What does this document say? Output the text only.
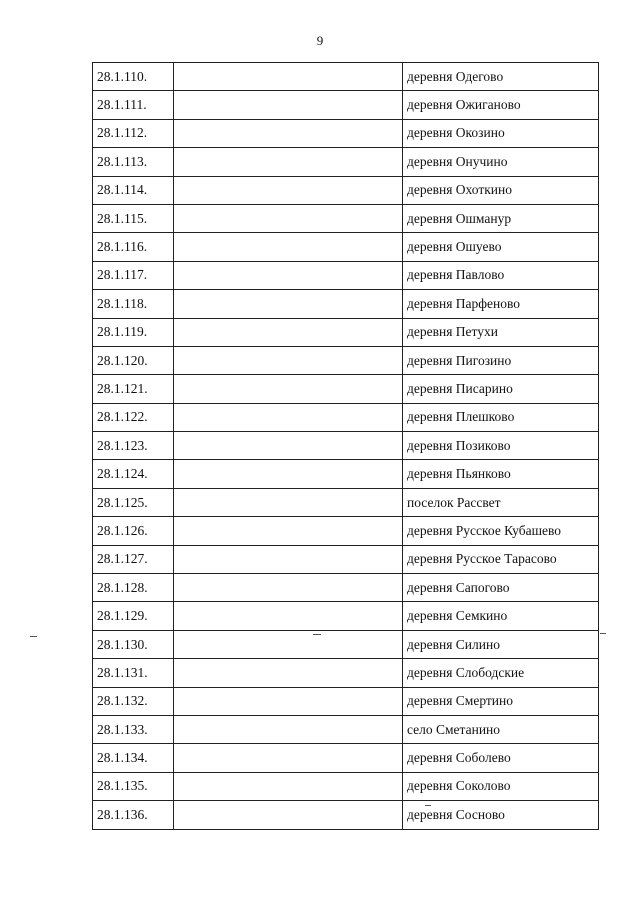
9
28.1.110.		деревня Одегово
28.1.111.		деревня Ожиганово
28.1.112.		деревня Окозино
28.1.113.		деревня Онучино
28.1.114.		деревня Охоткино
28.1.115.		деревня Ошманур
28.1.116.		деревня Ошуево
28.1.117.		деревня Павлово
28.1.118.		деревня Парфеново
28.1.119.		деревня Петухи
28.1.120.		деревня Пигозино
28.1.121.		деревня Писарино
28.1.122.		деревня Плешково
28.1.123.		деревня Позиково
28.1.124.		деревня Пьянково
28.1.125.		поселок Рассвет
28.1.126.		деревня Русское Кубашево
28.1.127.		деревня Русское Тарасово
28.1.128.		деревня Сапогово
28.1.129.		деревня Семкино
28.1.130.		деревня Силино
28.1.131.		деревня Слободские
28.1.132.		деревня Смертино
28.1.133.		село Сметанино
28.1.134.		деревня Соболево
28.1.135.		деревня Соколово
28.1.136.		деревня Сосново
